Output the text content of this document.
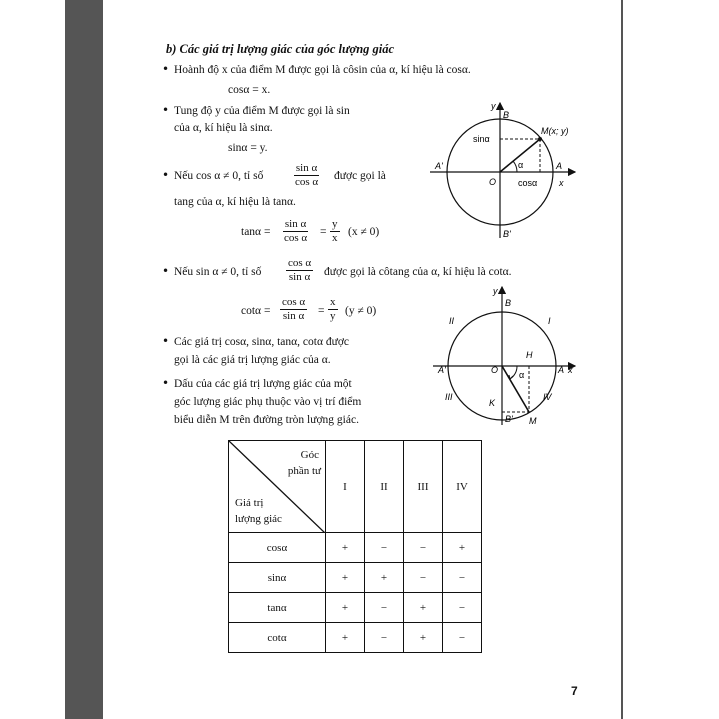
b) Các giá trị lượng giác của góc lượng giác
• Hoành độ x của điểm M được gọi là côsin của α, kí hiệu là cosα.
cosα = x.
• Tung độ y của điểm M được gọi là sin
của α, kí hiệu là sinα.
sinα = y.
• Nếu cos α ≠ 0, tỉ số	$\frac{\text{sin α}}{\text{cos α}}$ được gọi là
tang của α, kí hiệu là tanα.
$\tan\alpha = \frac{\text{sin α}}{\text{cos α}} = \frac{y}{x} (x \ne 0)$
• Nếu sin α ≠ 0, tỉ số $\frac{\text{cos α}}{\text{sin α}}$ được gọi là côtang của α, kí hiệu là cotα.
$\cot\alpha = \frac{\text{cos α}}{\text{sin α}} = \frac{x}{y} (y \ne 0)$
• Các giá trị cosα, sinα, tanα, cotα được
gọi là các giá trị lượng giác của α.
• Dấu của các giá trị lượng giác của một
góc lượng giác phụ thuộc vào vị trí điểm
biểu diễn M trên đường tròn lượng giác.
y
B
M(x; y)
sinα
A'	A
O
α
cosα x
B'
y
B
I
II
III	IV
A'	A
O
H
K
M
α	x
B'
Góc
phần tư
Giá trị
lượng giác	I	II	III	IV
cosα	+	−	−	+
sinα	+	+	−	−
tanα	+	−	+	−
cotα	+	−	+	−
7
